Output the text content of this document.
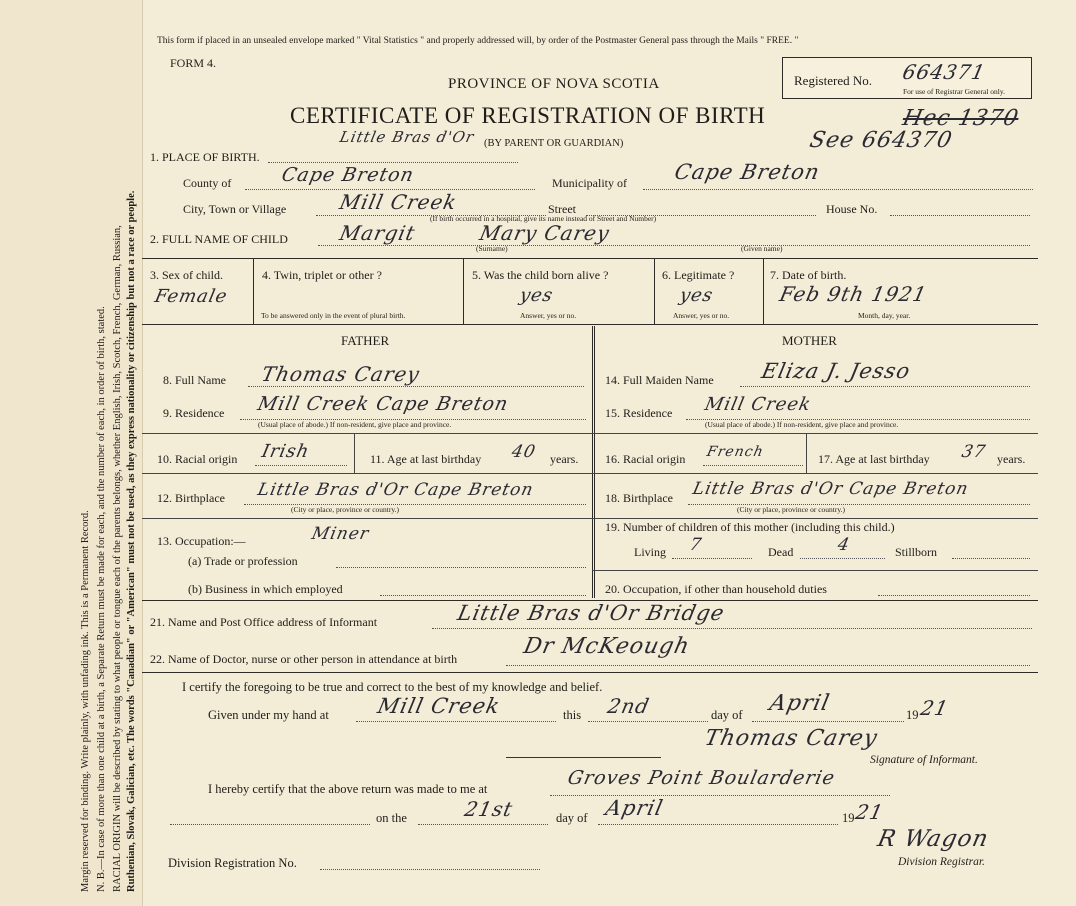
Margin reserved for binding. Write plainly, with unfading ink. This is a Permanent Record. N. B.—In case of more than one child at a birth, a Separate Return must be made for each, and the number of each, in order of birth, stated. RACIAL ORIGIN will be described by stating to what people or tongue each of the parents belongs, whether English, Irish, Scotch, French, German, Russian, Ruthenian, Slovak, Galician, etc. The words "Canadian" or "American" must not be used, as they express nationality or citizenship but not a race or people.
This form if placed in an unsealed envelope marked " Vital Statistics " and properly addressed will, by order of the Postmaster General pass through the Mails " FREE. "
FORM 4.
PROVINCE OF NOVA SCOTIA
CERTIFICATE OF REGISTRATION OF BIRTH
Registered No. 664371
For use of Registrar General only.
Hec 1370
See 664370
Little Bras d'Or (BY PARENT OR GUARDIAN)
1. PLACE OF BIRTH.
County of	Cape Breton	Municipality of Cape Breton
City, Town or Village	Mill Creek	Street	House No.
(If birth occurred in a hospital, give its name instead of Street and Number)
2. FULL NAME OF CHILD Margit	Mary Carey
(Surname)	(Given name)
3. Sex of child.
Female
4. Twin, triplet or other ?
To be answered only in the event of plural birth.
5. Was the child born alive ?
yes
Answer, yes or no.
6. Legitimate ?
yes
Answer, yes or no.
7. Date of birth.
Feb 9th 1921
Month, day, year.
FATHER	MOTHER
8. Full Name Thomas Carey
9. Residence Mill Creek Cape Breton
(Usual place of abode.) If non-resident, give place and province.
10. Racial origin Irish	11. Age at last birthday 40 years.
12. Birthplace Little Bras d'Or Cape Breton
(City or place, province or country.)
13. Occupation:—	Miner
(a) Trade or profession
(b) Business in which employed
14. Full Maiden Name Eliza J. Jesso
15. Residence Mill Creek
(Usual place of abode.) If non-resident, give place and province.
16. Racial origin French	17. Age at last birthday 37 years.
18. Birthplace Little Bras d'Or Cape Breton
(City or place, province or country.)
19. Number of children of this mother (including this child.)
Living 7	Dead	4	Stillborn
20. Occupation, if other than household duties
21. Name and Post Office address of Informant	Little Bras d'Or Bridge
22. Name of Doctor, nurse or other person in attendance at birth	Dr McKeough
I certify the foregoing to be true and correct to the best of my knowledge and belief.
Given under my hand at Mill Creek	this 2nd	day of April	19 21
Thomas Carey
Signature of Informant.
I hereby certify that the above return was made to me at	Groves Point Boularderie
on the	21st	day of April	19
21
Division Registration No.
R Wagon
Division Registrar.
